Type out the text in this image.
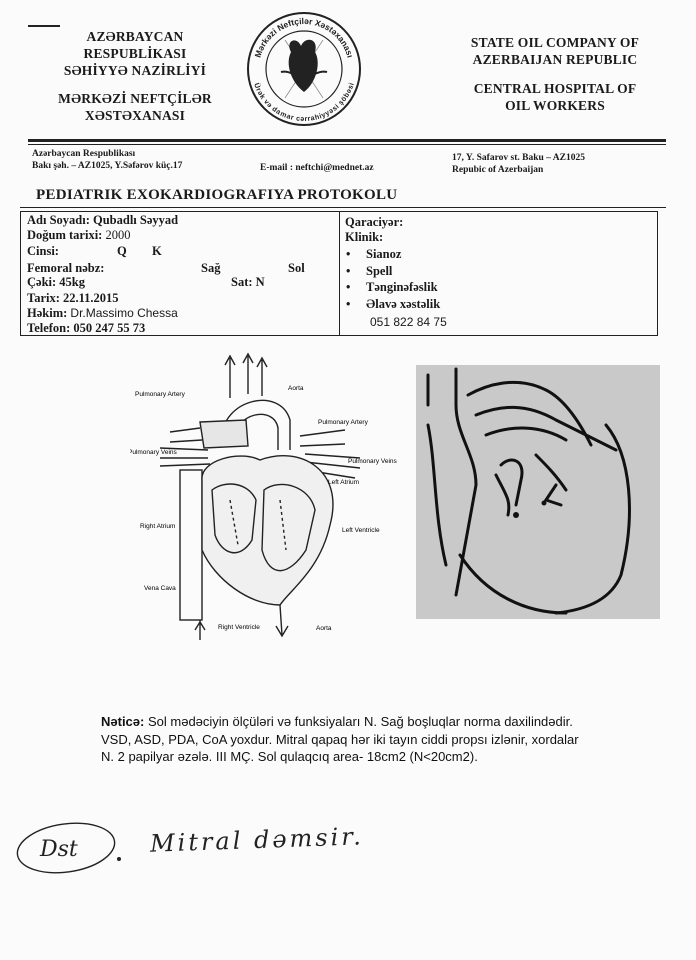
AZƏRBAYCAN
RESPUBLİKASI
SƏHİYYƏ NAZİRLİYİ
MƏRKƏZİ NEFTÇİLƏR
XƏSTƏXANASI
Mərkəzi Neftçilər Xəstəxanası
Ürək və damar cərrahiyyəsi şöbəsi
STATE OIL COMPANY OF
AZERBAIJAN REPUBLIC
CENTRAL HOSPITAL OF
OIL WORKERS
Azərbaycan Respublikası
Bakı şəh. – AZ1025, Y.Səfərov küç.17	E-mail : neftchi@mednet.az
17, Y. Safarov st. Baku – AZ1025
Repubic of Azerbaijan
PEDIATRIK EXOKARDIOGRAFIYA PROTOKOLU
Adı Soyadı: Qubadlı Səyyad
Doğum tarixi: 2000
Cinsi:	Q K
Femoral nəbz:	Sağ	Sol
Çəki: 45kg	Sat: N
Tarix: 22.11.2015
Həkim: Dr.Massimo Chessa
Telefon: 050 247 55 73
Qaraciyər:
Klinik:
• Sianoz
• Spell
• Tənginəfəslik
• Əlavə xəstəlik
051 822 84 75
Pulmonary Artery
Aorta
Pulmonary Artery
Pulmonary Veins
Pulmonary Veins
Left Atrium
Left Ventricle
Right Atrium
Vena Cava
Right Ventricle	Aorta
Nəticə: Sol mədəciyin ölçüləri və funksiyaları N. Sağ boşluqlar norma daxilindədir.
VSD, ASD, PDA, CoA yoxdur. Mitral qapaq hər iki tayın ciddi propsı izlənir, xordalar
N. 2 papilyar əzələ. III MÇ. Sol qulaqcıq area- 18cm2 (N<20cm2).
Dst	Mitral dəmsir.
